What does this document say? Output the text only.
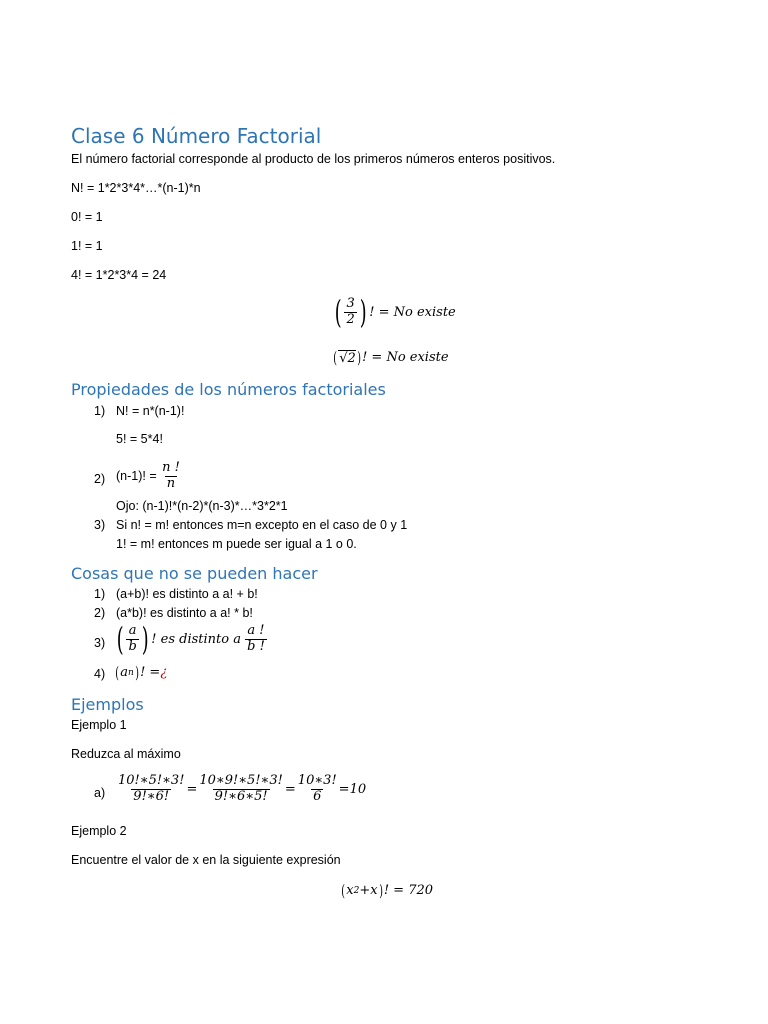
Clase 6 Número Factorial
El número factorial corresponde al producto de los primeros números enteros positivos.
N! = 1*2*3*4*…*(n-1)*n
0! = 1
1! = 1
4! = 1*2*3*4 = 24
( $\frac{3}{2}$ ) ! = No existe
( √2 ) ! = No existe
Propiedades de los números factoriales
1) N! = n*(n-1)!
5! = 5*4!
2) (n-1)! =
$\frac{n !}{n}$
Ojo: (n-1)!*(n-2)*(n-3)*…*3*2*1
3) Si n! = m! entonces m=n excepto en el caso de 0 y 1
1! = m! entonces m puede ser igual a 1 o 0.
Cosas que no se pueden hacer
1) (a+b)! es distinto a a! + b!
2) (a*b)! es distinto a a! * b!
3) ( $\frac{a}{b}$ ) ! es distinto a
$\frac{a !}{b !}$
4) ( a n ) ! = ¿
Ejemplos
Ejemplo 1
Reduzca al máximo
$a) \frac{10!∗5!∗3!}{9!∗6!} = \frac{10∗9!∗5!∗3!}{9!∗6∗5!} = \frac{10∗3!}{6} = 10$
Ejemplo 2
Encuentre el valor de x en la siguiente expresión
( x 2 +x ) ! = 720
